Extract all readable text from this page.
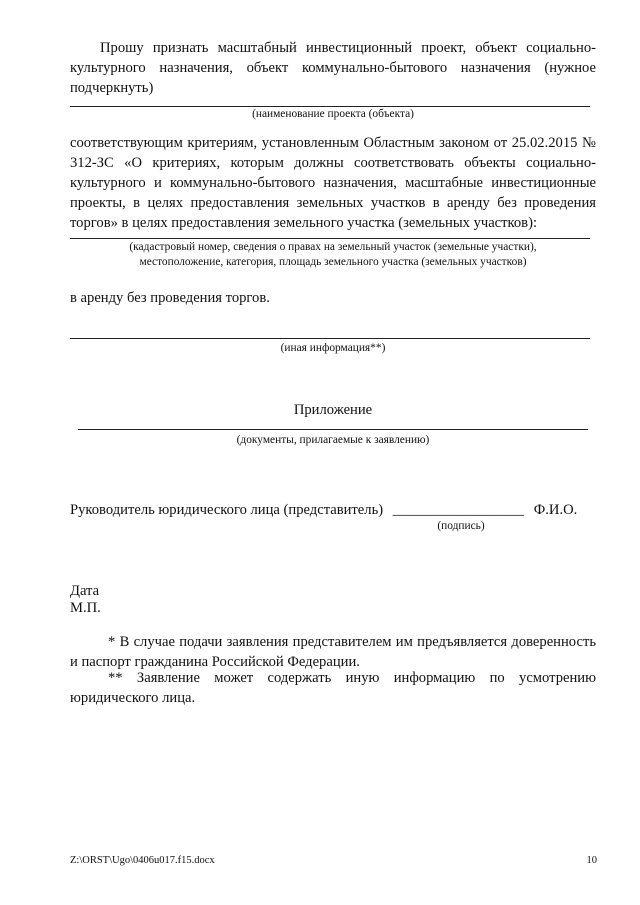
Прошу признать масштабный инвестиционный проект, объект социально- культурного назначения, объект коммунально-бытового назначения (нужное подчеркнуть)
(наименование проекта (объекта)
соответствующим критериям, установленным Областным законом от 25.02.2015 № 312-ЗС «О критериях, которым должны соответствовать объекты социально-культурного и коммунально-бытового назначения, масштабные инвестиционные проекты, в целях предоставления земельных участков в аренду без проведения торгов» в целях предоставления земельного участка (земельных участков):
(кадастровый номер, сведения о правах на земельный участок (земельные участки),
местоположение, категория, площадь земельного участка (земельных участков)
в аренду без проведения торгов.
(иная информация**)
Приложение
(документы, прилагаемые к заявлению)
Руководитель юридического лица (представитель) __________________ Ф.И.О.
(подпись)
Дата
М.П.
* В случае подачи заявления представителем им предъявляется доверенность и паспорт гражданина Российской Федерации.
** Заявление может содержать иную информацию по усмотрению юридического лица.
Z:\ORST\Ugo\0406u017.f15.docx	10
